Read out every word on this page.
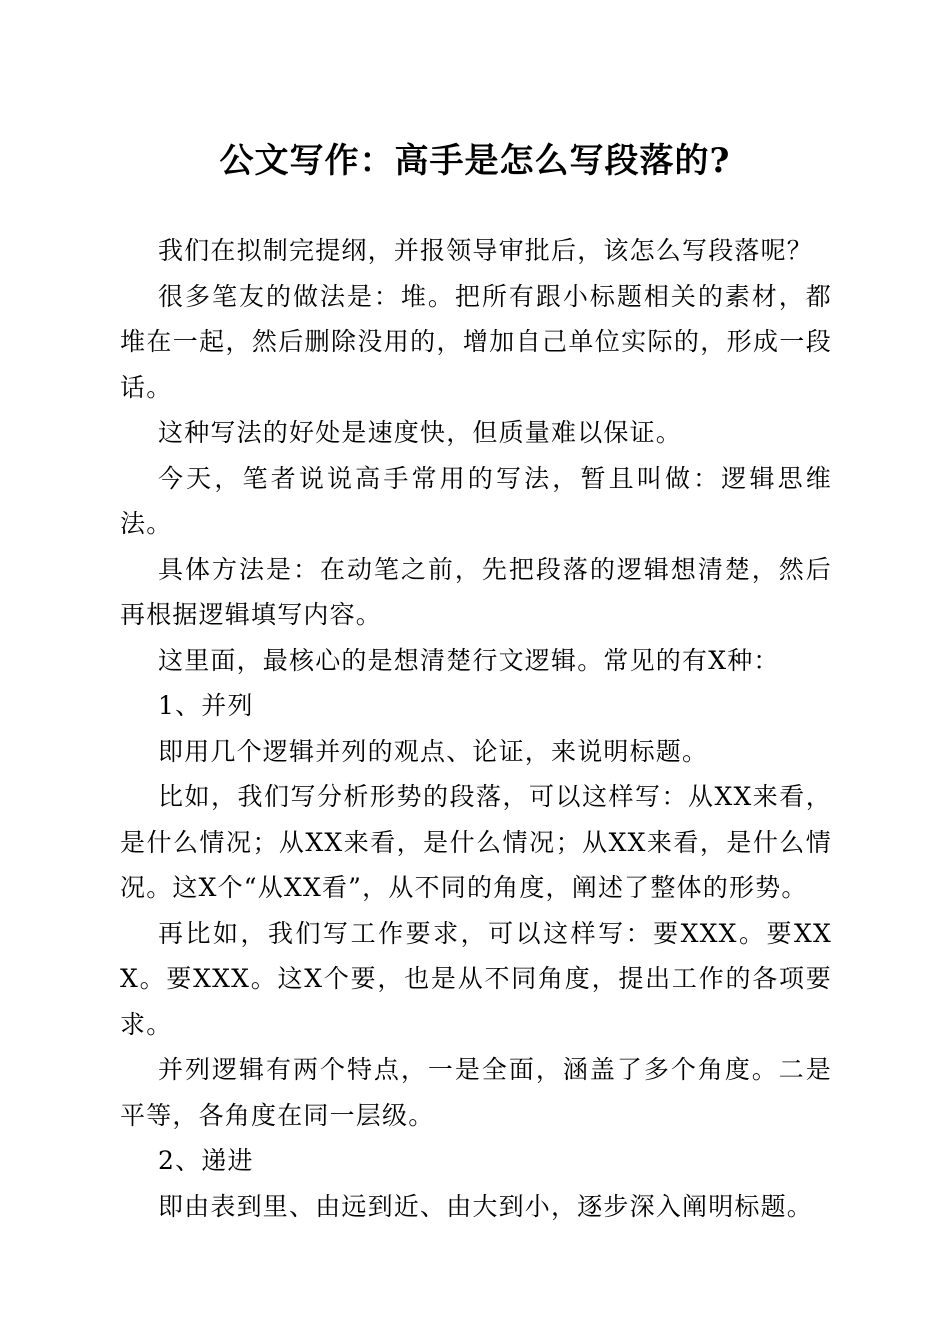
公文写作：高手是怎么写段落的?

我们在拟制完提纲，并报领导审批后，该怎么写段落呢？

很多笔友的做法是：堆。把所有跟小标题相关的素材，都堆在一起，然后删除没用的，增加自己单位实际的，形成一段话。

这种写法的好处是速度快，但质量难以保证。

今天，笔者说说高手常用的写法，暂且叫做：逻辑思维法。

具体方法是：在动笔之前，先把段落的逻辑想清楚，然后再根据逻辑填写内容。

这里面，最核心的是想清楚行文逻辑。常见的有X种：

1、并列

即用几个逻辑并列的观点、论证，来说明标题。

比如，我们写分析形势的段落，可以这样写：从XX来看，是什么情况；从XX来看，是什么情况；从XX来看，是什么情况。这X个“从XX看”，从不同的角度，阐述了整体的形势。

再比如，我们写工作要求，可以这样写：要XXX。要XXX。要XXX。这X个要，也是从不同角度，提出工作的各项要求。

并列逻辑有两个特点，一是全面，涵盖了多个角度。二是平等，各角度在同一层级。

2、递进

即由表到里、由远到近、由大到小，逐步深入阐明标题。
